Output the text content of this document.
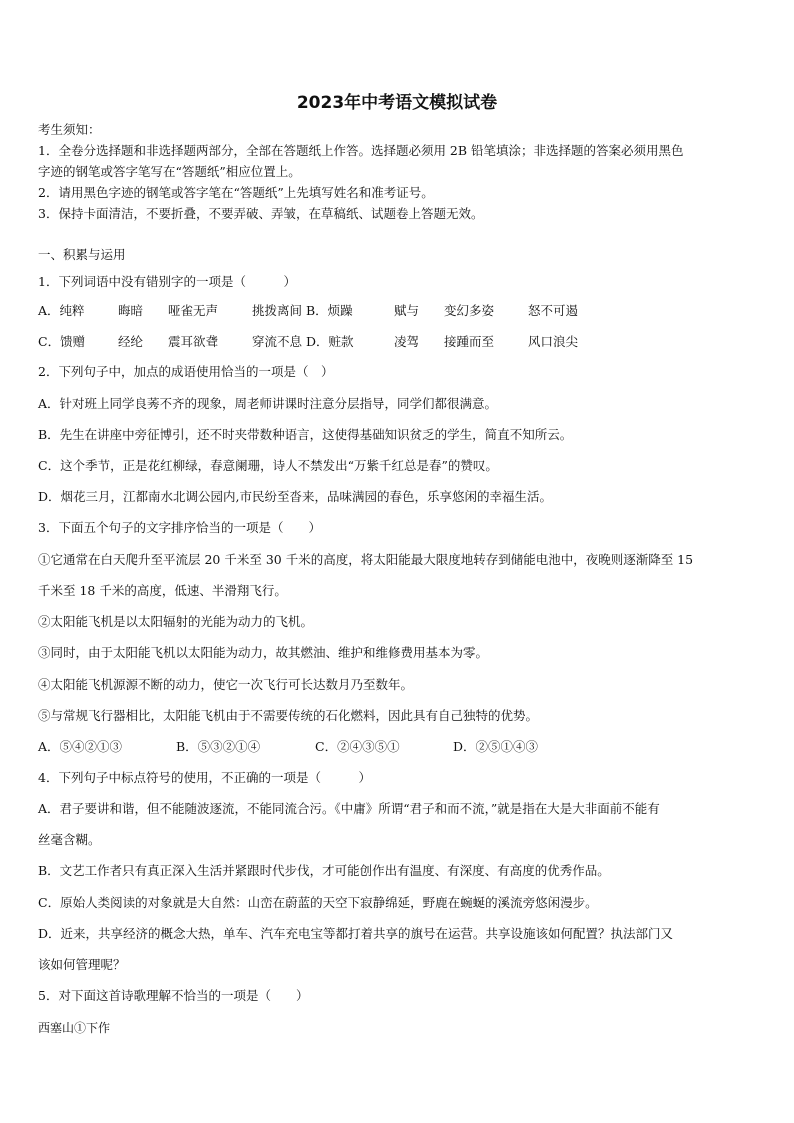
2023年中考语文模拟试卷
考生须知：
1．全卷分选择题和非选择题两部分，全部在答题纸上作答。选择题必须用 2B 铅笔填涂；非选择题的答案必须用黑色
字迹的钢笔或答字笔写在“答题纸”相应位置上。
2．请用黑色字迹的钢笔或答字笔在“答题纸”上先填写姓名和准考证号。
3．保持卡面清洁，不要折叠，不要弄破、弄皱，在草稿纸、试题卷上答题无效。
一、积累与运用
1．下列词语中没有错别字的一项是（　　　）
A．纯粹	晦暗 哑雀无声	挑拨离间 B．烦躁	赋与 变幻多姿	怒不可遏
C．馈赠	经纶 震耳欲聋	穿流不息 D．赃款	凌驾 接踵而至	风口浪尖
2．下列句子中，加点的成语使用恰当的一项是（　）
A．针对班上同学良莠不齐的现象，周老师讲课时注意分层指导，同学们都很满意。
B．先生在讲座中旁征博引，还不时夹带数种语言，这使得基础知识贫乏的学生，简直不知所云。
C．这个季节，正是花红柳绿，春意阑珊，诗人不禁发出“万紫千红总是春”的赞叹。
D．烟花三月，江都南水北调公园内,市民纷至沓来，品味满园的春色，乐享悠闲的幸福生活。
3．下面五个句子的文字排序恰当的一项是（　　）
①它通常在白天爬升至平流层 20 千米至 30 千米的高度，将太阳能最大限度地转存到储能电池中，夜晚则逐渐降至 15
千米至 18 千米的高度，低速、半滑翔飞行。
②太阳能飞机是以太阳辐射的光能为动力的飞机。
③同时，由于太阳能飞机以太阳能为动力，故其燃油、维护和维修费用基本为零。
④太阳能飞机源源不断的动力，使它一次飞行可长达数月乃至数年。
⑤与常规飞行器相比，太阳能飞机由于不需要传统的石化燃料，因此具有自己独特的优势。
A．⑤④②①③	B．⑤③②①④	C．②④③⑤①	D．②⑤①④③
4．下列句子中标点符号的使用，不正确的一项是（　　　）
A．君子要讲和谐，但不能随波逐流，不能同流合污。《中庸》所谓“君子和而不流，”就是指在大是大非面前不能有
丝毫含糊。
B．文艺工作者只有真正深入生活并紧跟时代步伐，才可能创作出有温度、有深度、有高度的优秀作品。
C．原始人类阅读的对象就是大自然：山峦在蔚蓝的天空下寂静绵延，野鹿在蜿蜒的溪流旁悠闲漫步。
D．近来，共享经济的概念大热，单车、汽车充电宝等都打着共享的旗号在运营。共享设施该如何配置？执法部门又
该如何管理呢？
5．对下面这首诗歌理解不恰当的一项是（　　）
西塞山①下作
